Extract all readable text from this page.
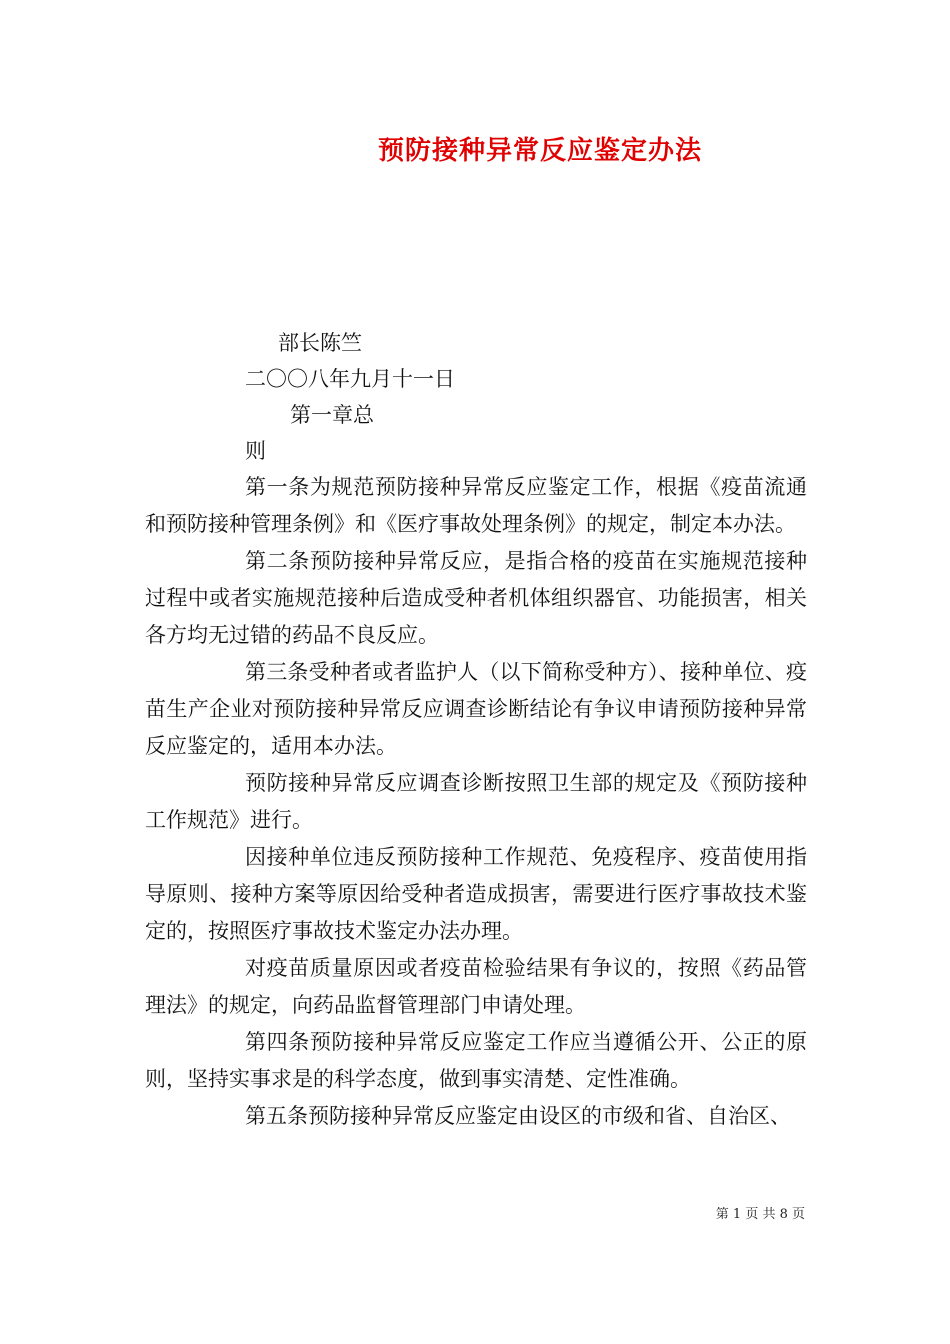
预防接种异常反应鉴定办法
部长陈竺
二〇〇八年九月十一日
第一章总
则

第一条为规范预防接种异常反应鉴定工作，根据《疫苗流通和预防接种管理条例》和《医疗事故处理条例》的规定，制定本办法。

第二条预防接种异常反应，是指合格的疫苗在实施规范接种过程中或者实施规范接种后造成受种者机体组织器官、功能损害，相关各方均无过错的药品不良反应。

第三条受种者或者监护人（以下简称受种方）、接种单位、疫苗生产企业对预防接种异常反应调查诊断结论有争议申请预防接种异常反应鉴定的，适用本办法。

预防接种异常反应调查诊断按照卫生部的规定及《预防接种工作规范》进行。

因接种单位违反预防接种工作规范、免疫程序、疫苗使用指导原则、接种方案等原因给受种者造成损害，需要进行医疗事故技术鉴定的，按照医疗事故技术鉴定办法办理。

对疫苗质量原因或者疫苗检验结果有争议的，按照《药品管理法》的规定，向药品监督管理部门申请处理。

第四条预防接种异常反应鉴定工作应当遵循公开、公正的原则，坚持实事求是的科学态度，做到事实清楚、定性准确。

第五条预防接种异常反应鉴定由设区的市级和省、自治区、

第 1 页 共 8 页
